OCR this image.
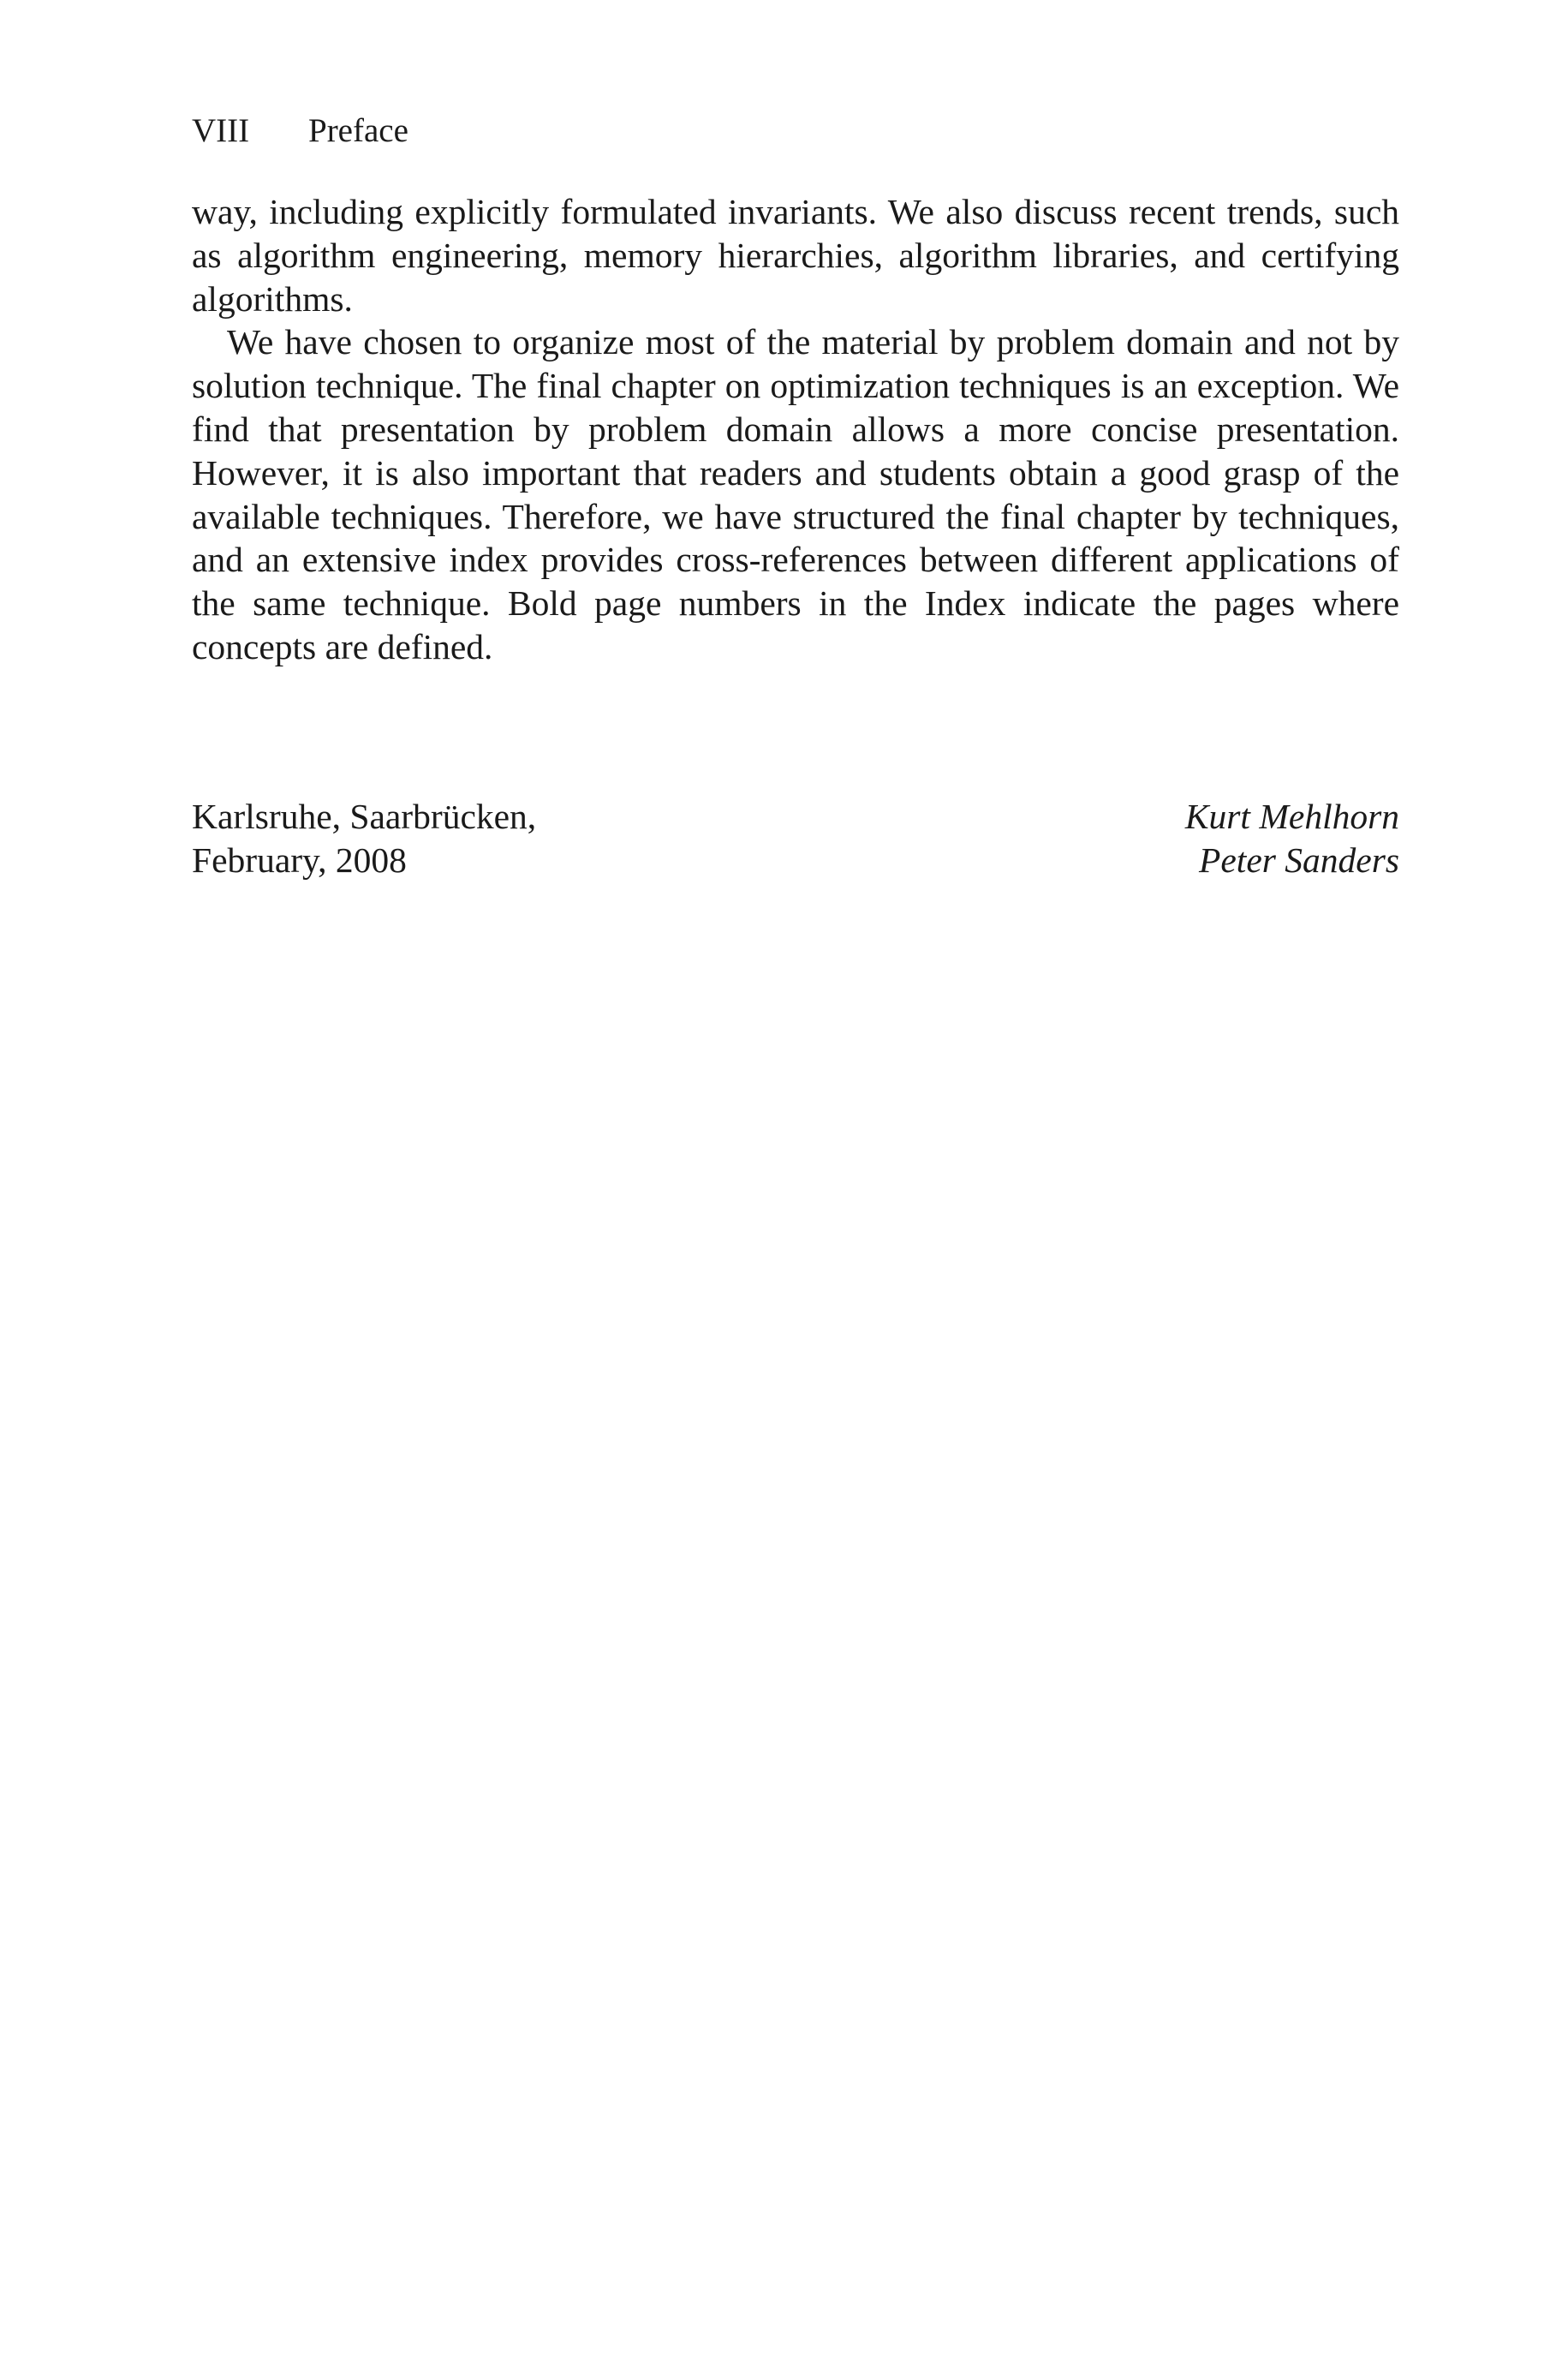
VIII Preface

way, including explicitly formulated invariants. We also discuss recent trends, such as algorithm engineering, memory hierarchies, algorithm libraries, and certifying algorithms.

We have chosen to organize most of the material by problem domain and not by solution technique. The final chapter on optimization techniques is an exception. We find that presentation by problem domain allows a more concise presentation. However, it is also important that readers and students obtain a good grasp of the available techniques. Therefore, we have structured the final chapter by techniques, and an extensive index provides cross-references between different applications of the same technique. Bold page numbers in the Index indicate the pages where concepts are defined.

Karlsruhe, Saarbrücken,
February, 2008
Kurt Mehlhorn
Peter Sanders
